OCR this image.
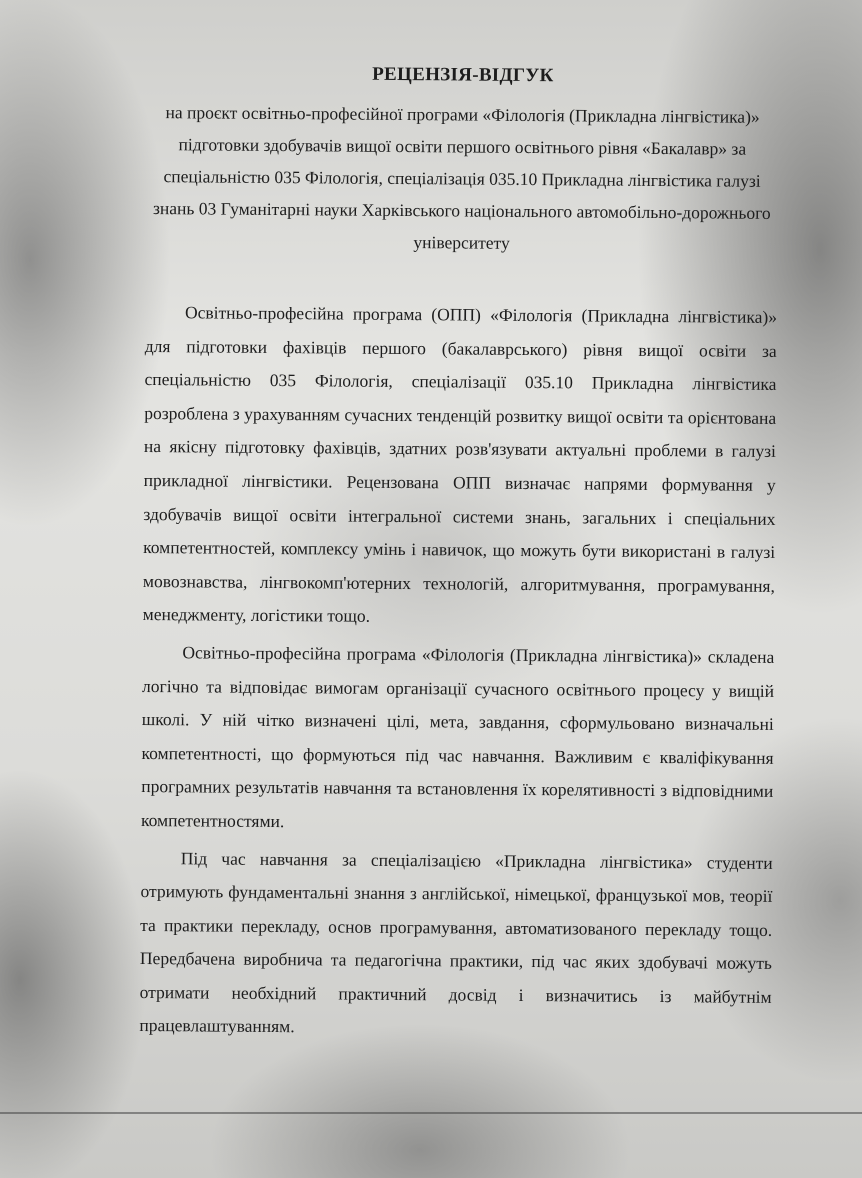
РЕЦЕНЗІЯ-ВІДГУК
на проєкт освітньо-професійної програми «Філологія (Прикладна лінгвістика)» підготовки здобувачів вищої освіти першого освітнього рівня «Бакалавр» за спеціальністю 035 Філологія, спеціалізація 035.10 Прикладна лінгвістика галузі знань 03 Гуманітарні науки Харківського національного автомобільно-дорожнього університету

Освітньо-професійна програма (ОПП) «Філологія (Прикладна лінгвістика)» для підготовки фахівців першого (бакалаврського) рівня вищої освіти за спеціальністю 035 Філологія, спеціалізації 035.10 Прикладна лінгвістика розроблена з урахуванням сучасних тенденцій розвитку вищої освіти та орієнтована на якісну підготовку фахівців, здатних розв'язувати актуальні проблеми в галузі прикладної лінгвістики. Рецензована ОПП визначає напрями формування у здобувачів вищої освіти інтегральної системи знань, загальних і спеціальних компетентностей, комплексу умінь і навичок, що можуть бути використані в галузі мовознавства, лінгвокомп'ютерних технологій, алгоритмування, програмування, менеджменту, логістики тощо.

Освітньо-професійна програма «Філологія (Прикладна лінгвістика)» складена логічно та відповідає вимогам організації сучасного освітнього процесу у вищій школі. У ній чітко визначені цілі, мета, завдання, сформульовано визначальні компетентності, що формуються під час навчання. Важливим є кваліфікування програмних результатів навчання та встановлення їх корелятивності з відповідними компетентностями.

Під час навчання за спеціалізацією «Прикладна лінгвістика» студенти отримують фундаментальні знання з англійської, німецької, французької мов, теорії та практики перекладу, основ програмування, автоматизованого перекладу тощо. Передбачена виробнича та педагогічна практики, під час яких здобувачі можуть отримати необхідний практичний досвід і визначитись із майбутнім працевлаштуванням.
